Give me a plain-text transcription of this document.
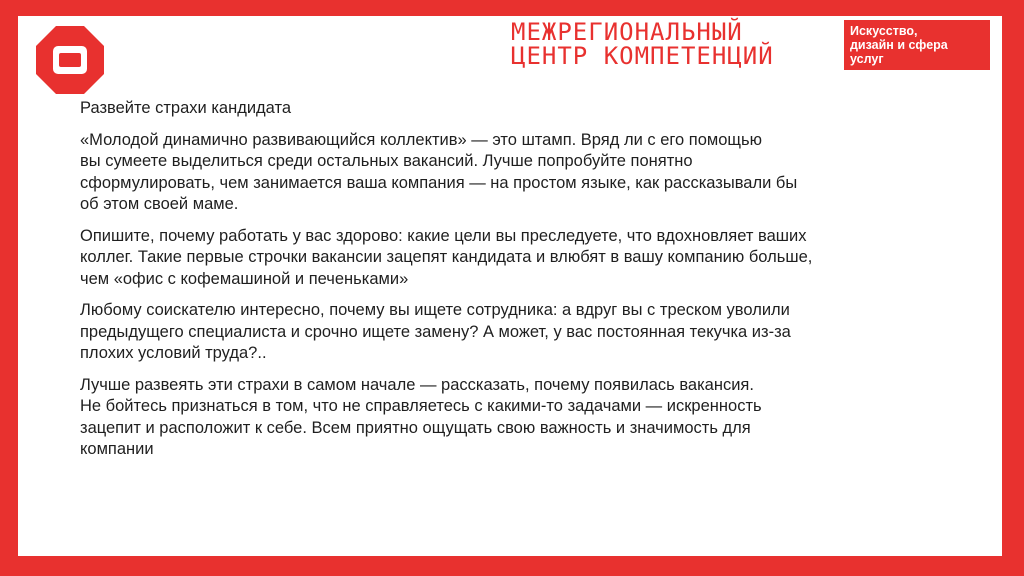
МЕЖРЕГИОНАЛЬНЫЙ
ЦЕНТР КОМПЕТЕНЦИЙ
Искусство,
дизайн и сфера
услуг

Развейте страхи кандидата

«Молодой динамично развивающийся коллектив» — это штамп. Вряд ли с его помощью
вы сумеете выделиться среди остальных вакансий. Лучше попробуйте понятно
сформулировать, чем занимается ваша компания — на простом языке, как рассказывали бы
об этом своей маме.

Опишите, почему работать у вас здорово: какие цели вы преследуете, что вдохновляет ваших
коллег. Такие первые строчки вакансии зацепят кандидата и влюбят в вашу компанию больше,
чем «офис с кофемашиной и печеньками»

Любому соискателю интересно, почему вы ищете сотрудника: а вдруг вы с треском уволили
предыдущего специалиста и срочно ищете замену? А может, у вас постоянная текучка из-за
плохих условий труда?..

Лучше развеять эти страхи в самом начале — рассказать, почему появилась вакансия.
Не бойтесь признаться в том, что не справляетесь с какими-то задачами — искренность
зацепит и расположит к себе. Всем приятно ощущать свою важность и значимость для
компании
